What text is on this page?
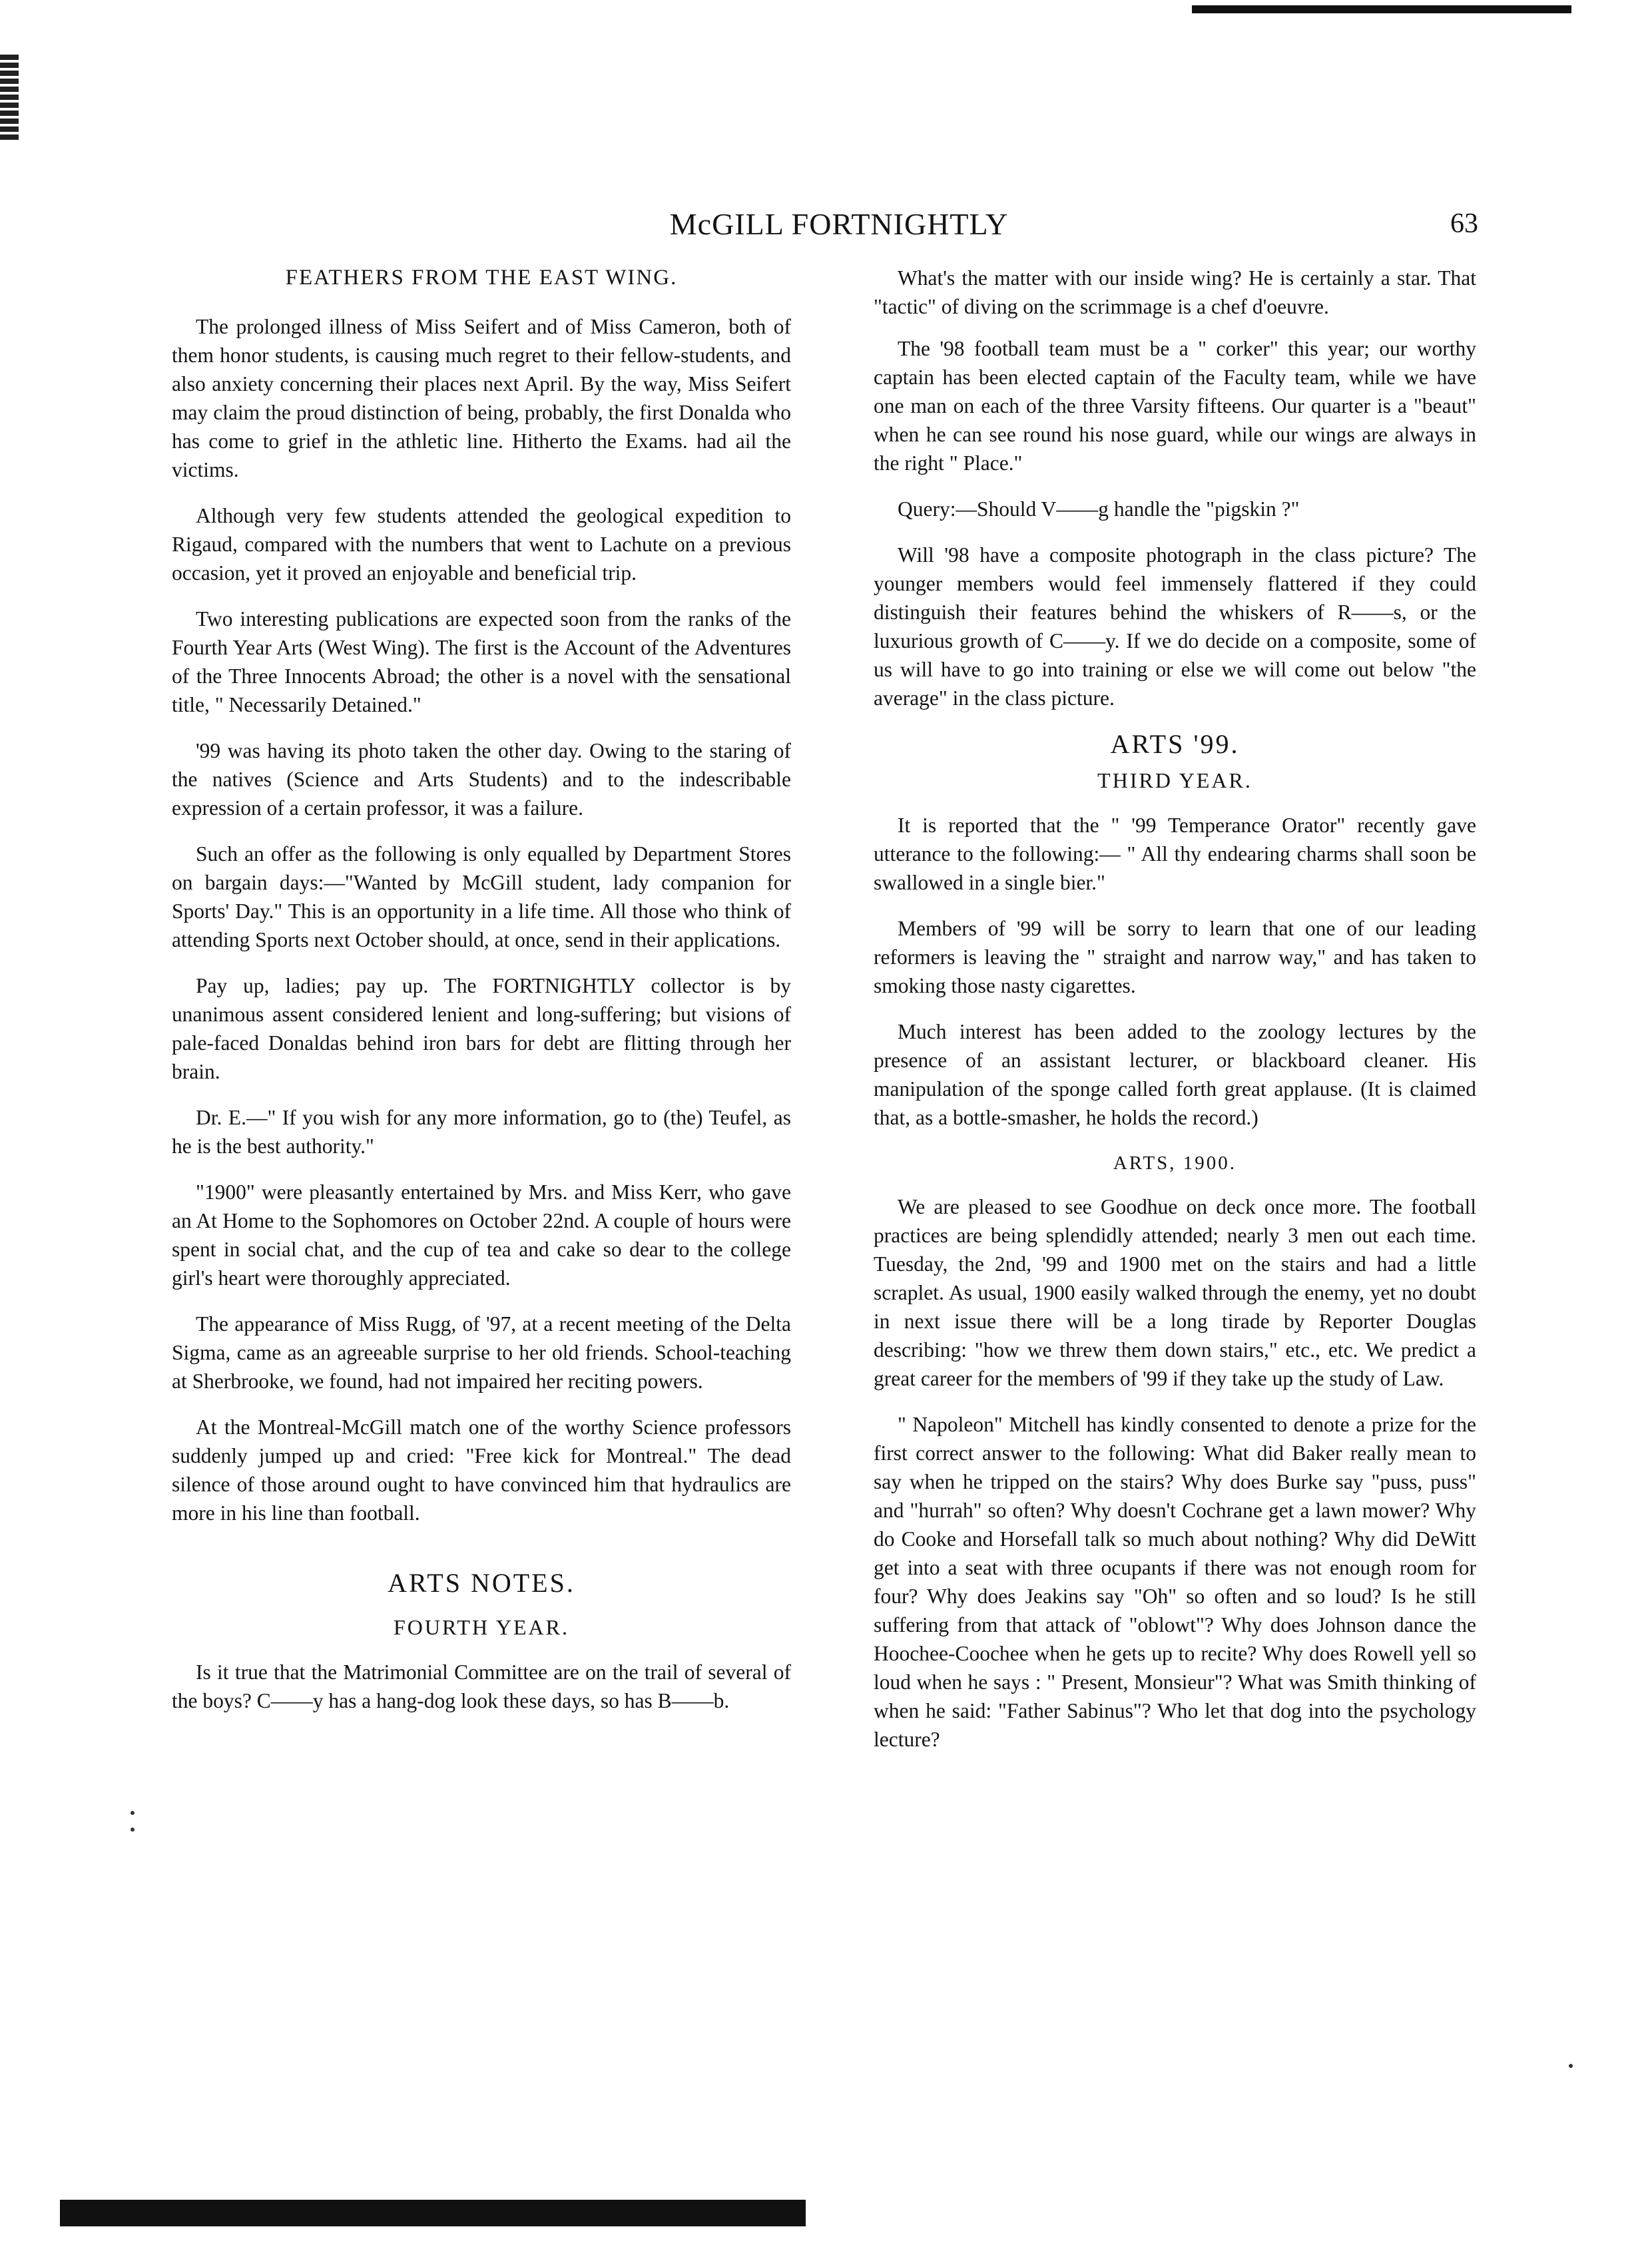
McGILL FORTNIGHTLY	63
FEATHERS FROM THE EAST WING.

The prolonged illness of Miss Seifert and of Miss Cameron, both of them honor students, is causing much regret to their fellow-students, and also anxiety concerning their places next April. By the way, Miss Seifert may claim the proud distinction of being, probably, the first Donalda who has come to grief in the athletic line. Hitherto the Exams. had ail the victims.

Although very few students attended the geological expedition to Rigaud, compared with the numbers that went to Lachute on a previous occasion, yet it proved an enjoyable and beneficial trip.

Two interesting publications are expected soon from the ranks of the Fourth Year Arts (West Wing). The first is the Account of the Adventures of the Three Innocents Abroad; the other is a novel with the sensational title, " Necessarily Detained."

'99 was having its photo taken the other day. Owing to the staring of the natives (Science and Arts Students) and to the indescribable expression of a certain professor, it was a failure.

Such an offer as the following is only equalled by Department Stores on bargain days:—"Wanted by McGill student, lady companion for Sports' Day." This is an opportunity in a life time. All those who think of attending Sports next October should, at once, send in their applications.

Pay up, ladies; pay up. The FORTNIGHTLY collector is by unanimous assent considered lenient and long-suffering; but visions of pale-faced Donaldas behind iron bars for debt are flitting through her brain.

Dr. E.—" If you wish for any more information, go to (the) Teufel, as he is the best authority."

"1900" were pleasantly entertained by Mrs. and Miss Kerr, who gave an At Home to the Sophomores on October 22nd. A couple of hours were spent in social chat, and the cup of tea and cake so dear to the college girl's heart were thoroughly appreciated.

The appearance of Miss Rugg, of '97, at a recent meeting of the Delta Sigma, came as an agreeable surprise to her old friends. School-teaching at Sherbrooke, we found, had not impaired her reciting powers.

At the Montreal-McGill match one of the worthy Science professors suddenly jumped up and cried: "Free kick for Montreal." The dead silence of those around ought to have convinced him that hydraulics are more in his line than football.

ARTS NOTES.
FOURTH YEAR.

Is it true that the Matrimonial Committee are on the trail of several of the boys? C——y has a hang-dog look these days, so has B——b.

What's the matter with our inside wing? He is certainly a star. That "tactic" of diving on the scrimmage is a chef d'oeuvre.

The '98 football team must be a " corker" this year; our worthy captain has been elected captain of the Faculty team, while we have one man on each of the three Varsity fifteens. Our quarter is a "beaut" when he can see round his nose guard, while our wings are always in the right " Place."

Query:—Should V——g handle the "pigskin ?"

Will '98 have a composite photograph in the class picture? The younger members would feel immensely flattered if they could distinguish their features behind the whiskers of R——s, or the luxurious growth of C——y. If we do decide on a composite, some of us will have to go into training or else we will come out below "the average" in the class picture.

ARTS '99.
THIRD YEAR.

It is reported that the " '99 Temperance Orator" recently gave utterance to the following:— " All thy endearing charms shall soon be swallowed in a single bier."

Members of '99 will be sorry to learn that one of our leading reformers is leaving the " straight and narrow way," and has taken to smoking those nasty cigarettes.

Much interest has been added to the zoology lectures by the presence of an assistant lecturer, or blackboard cleaner. His manipulation of the sponge called forth great applause. (It is claimed that, as a bottle-smasher, he holds the record.)

ARTS, 1900.

We are pleased to see Goodhue on deck once more. The football practices are being splendidly attended; nearly 3 men out each time. Tuesday, the 2nd, '99 and 1900 met on the stairs and had a little scraplet. As usual, 1900 easily walked through the enemy, yet no doubt in next issue there will be a long tirade by Reporter Douglas describing: "how we threw them down stairs," etc., etc. We predict a great career for the members of '99 if they take up the study of Law.

" Napoleon" Mitchell has kindly consented to denote a prize for the first correct answer to the following: What did Baker really mean to say when he tripped on the stairs? Why does Burke say "puss, puss" and "hurrah" so often? Why doesn't Cochrane get a lawn mower? Why do Cooke and Horsefall talk so much about nothing? Why did DeWitt get into a seat with three ocupants if there was not enough room for four? Why does Jeakins say "Oh" so often and so loud? Is he still suffering from that attack of "oblowt"? Why does Johnson dance the Hoochee-Coochee when he gets up to recite? Why does Rowell yell so loud when he says : " Present, Monsieur"? What was Smith thinking of when he said: "Father Sabinus"? Who let that dog into the psychology lecture?
